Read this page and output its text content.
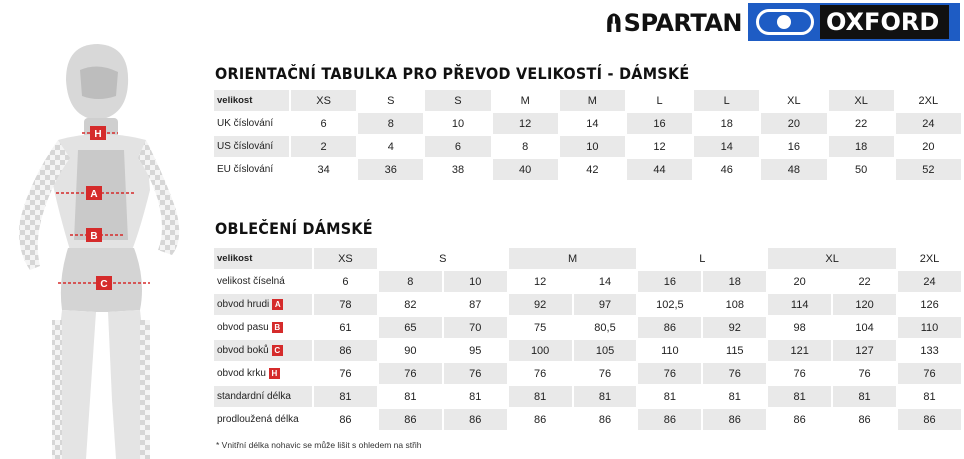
H
A
B
C
SPARTAN	OXFORD
ORIENTAČNÍ TABULKA PRO PŘEVOD VELIKOSTÍ - DÁMSKÉ
velikost	XS	S	S	M	M	L	L	XL	XL	2XL
UK číslování	6	8	10	12	14	16	18	20	22	24
US číslování	2	4	6	8	10	12	14	16	18	20
EU číslování	34	36	38	40	42	44	46	48	50	52
OBLEČENÍ DÁMSKÉ
velikost	XS	S		M		L		XL		2XL
velikost číselná	6	8	10	12	14	16	18	20	22	24
obvod hrudi A	78	82	87	92	97	102,5	108	114	120	126
obvod pasu B	61	65	70	75	80,5	86	92	98	104	110
obvod boků C	86	90	95	100	105	110	115	121	127	133
obvod krku H	76	76	76	76	76	76	76	76	76	76
standardní délka	81	81	81	81	81	81	81	81	81	81
prodloužená délka	86	86	86	86	86	86	86	86	86	86
* Vnitřní délka nohavic se může lišit s ohledem na střih
